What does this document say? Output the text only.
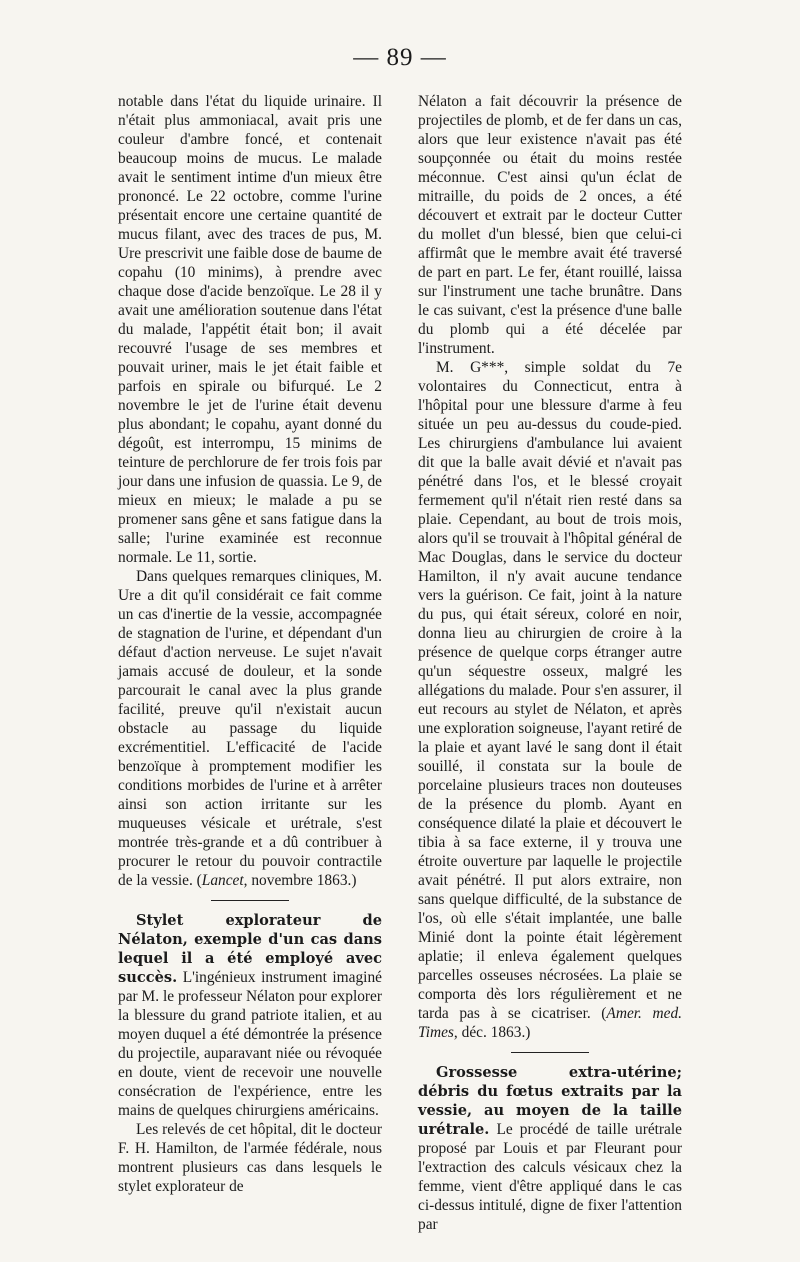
— 89 —

notable dans l'état du liquide urinaire. Il n'était plus ammoniacal, avait pris une couleur d'ambre foncé, et contenait beaucoup moins de mucus. Le malade avait le sentiment intime d'un mieux être prononcé. Le 22 octobre, comme l'urine présentait encore une certaine quantité de mucus filant, avec des traces de pus, M. Ure prescrivit une faible dose de baume de copahu (10 minims), à prendre avec chaque dose d'acide benzoïque. Le 28 il y avait une amélioration soutenue dans l'état du malade, l'appétit était bon; il avait recouvré l'usage de ses membres et pouvait uriner, mais le jet était faible et parfois en spirale ou bifurqué. Le 2 novembre le jet de l'urine était devenu plus abondant; le copahu, ayant donné du dégoût, est interrompu, 15 minims de teinture de perchlorure de fer trois fois par jour dans une infusion de quassia. Le 9, de mieux en mieux; le malade a pu se promener sans gêne et sans fatigue dans la salle; l'urine examinée est reconnue normale. Le 11, sortie.

Dans quelques remarques cliniques, M. Ure a dit qu'il considérait ce fait comme un cas d'inertie de la vessie, accompagnée de stagnation de l'urine, et dépendant d'un défaut d'action nerveuse. Le sujet n'avait jamais accusé de douleur, et la sonde parcourait le canal avec la plus grande facilité, preuve qu'il n'existait aucun obstacle au passage du liquide excrémentitiel. L'efficacité de l'acide benzoïque à promptement modifier les conditions morbides de l'urine et à arrêter ainsi son action irritante sur les muqueuses vésicale et urétrale, s'est montrée très-grande et a dû contribuer à procurer le retour du pouvoir contractile de la vessie. (Lancet, novembre 1863.)

Stylet explorateur de Nélaton, exemple d'un cas dans lequel il a été employé avec succès. L'ingénieux instrument imaginé par M. le professeur Nélaton pour explorer la blessure du grand patriote italien, et au moyen duquel a été démontrée la présence du projectile, auparavant niée ou révoquée en doute, vient de recevoir une nouvelle consécration de l'expérience, entre les mains de quelques chirurgiens américains.

Les relevés de cet hôpital, dit le docteur F. H. Hamilton, de l'armée fédérale, nous montrent plusieurs cas dans lesquels le stylet explorateur de

Nélaton a fait découvrir la présence de projectiles de plomb, et de fer dans un cas, alors que leur existence n'avait pas été soupçonnée ou était du moins restée méconnue. C'est ainsi qu'un éclat de mitraille, du poids de 2 onces, a été découvert et extrait par le docteur Cutter du mollet d'un blessé, bien que celui-ci affirmât que le membre avait été traversé de part en part. Le fer, étant rouillé, laissa sur l'instrument une tache brunâtre. Dans le cas suivant, c'est la présence d'une balle du plomb qui a été décelée par l'instrument.

M. G***, simple soldat du 7e volontaires du Connecticut, entra à l'hôpital pour une blessure d'arme à feu située un peu au-dessus du coude-pied. Les chirurgiens d'ambulance lui avaient dit que la balle avait dévié et n'avait pas pénétré dans l'os, et le blessé croyait fermement qu'il n'était rien resté dans sa plaie. Cependant, au bout de trois mois, alors qu'il se trouvait à l'hôpital général de Mac Douglas, dans le service du docteur Hamilton, il n'y avait aucune tendance vers la guérison. Ce fait, joint à la nature du pus, qui était séreux, coloré en noir, donna lieu au chirurgien de croire à la présence de quelque corps étranger autre qu'un séquestre osseux, malgré les allégations du malade. Pour s'en assurer, il eut recours au stylet de Nélaton, et après une exploration soigneuse, l'ayant retiré de la plaie et ayant lavé le sang dont il était souillé, il constata sur la boule de porcelaine plusieurs traces non douteuses de la présence du plomb. Ayant en conséquence dilaté la plaie et découvert le tibia à sa face externe, il y trouva une étroite ouverture par laquelle le projectile avait pénétré. Il put alors extraire, non sans quelque difficulté, de la substance de l'os, où elle s'était implantée, une balle Minié dont la pointe était légèrement aplatie; il enleva également quelques parcelles osseuses nécrosées. La plaie se comporta dès lors régulièrement et ne tarda pas à se cicatriser. (Amer. med. Times, déc. 1863.)

Grossesse extra-utérine; débris du fœtus extraits par la vessie, au moyen de la taille urétrale. Le procédé de taille urétrale proposé par Louis et par Fleurant pour l'extraction des calculs vésicaux chez la femme, vient d'être appliqué dans le cas ci-dessus intitulé, digne de fixer l'attention par
